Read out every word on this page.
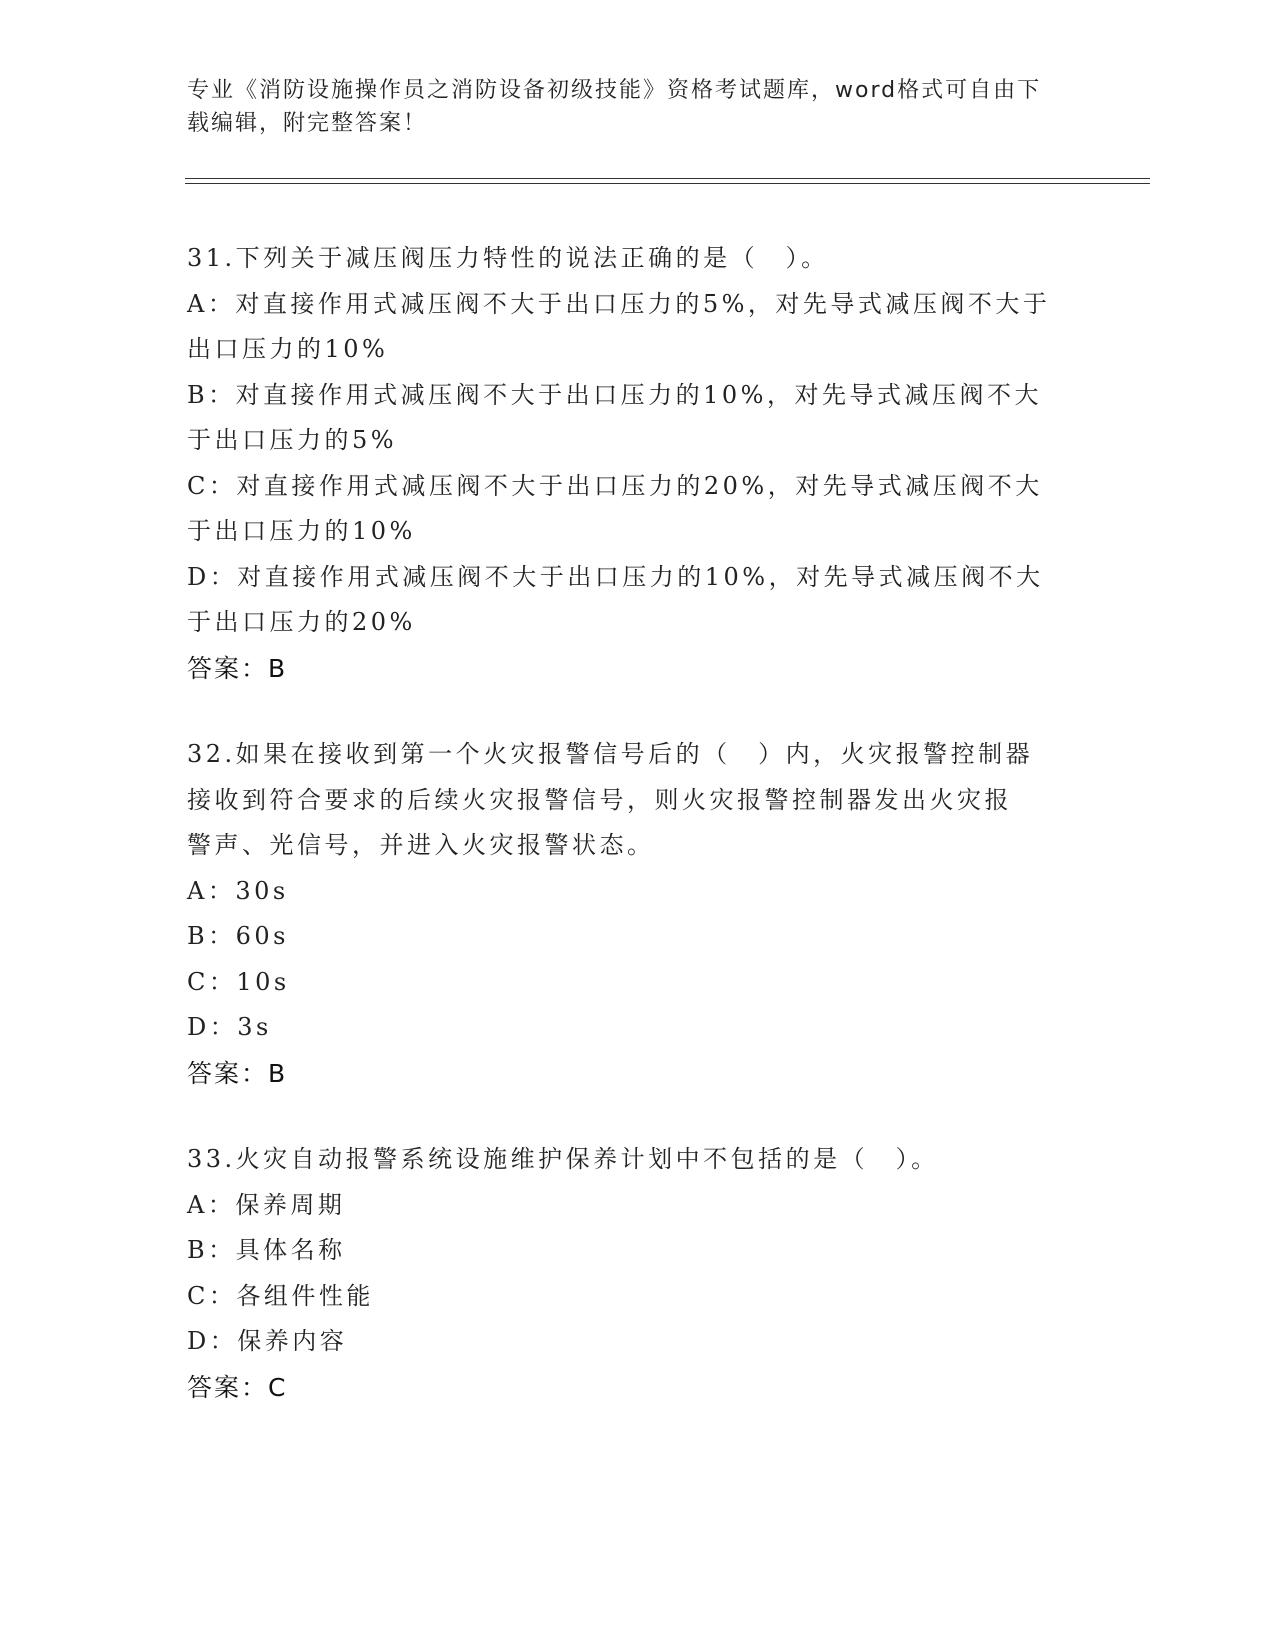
专业《消防设施操作员之消防设备初级技能》资格考试题库，word格式可自由下
载编辑，附完整答案！
31.下列关于减压阀压力特性的说法正确的是（　）。
A：对直接作用式减压阀不大于出口压力的5%，对先导式减压阀不大于
出口压力的10%
B：对直接作用式减压阀不大于出口压力的10%，对先导式减压阀不大
于出口压力的5%
C：对直接作用式减压阀不大于出口压力的20%，对先导式减压阀不大
于出口压力的10%
D：对直接作用式减压阀不大于出口压力的10%，对先导式减压阀不大
于出口压力的20%
答案：B
32.如果在接收到第一个火灾报警信号后的（　）内，火灾报警控制器
接收到符合要求的后续火灾报警信号，则火灾报警控制器发出火灾报
警声、光信号，并进入火灾报警状态。
A：30s
B：60s
C：10s
D：3s
答案：B
33.火灾自动报警系统设施维护保养计划中不包括的是（　）。
A：保养周期
B：具体名称
C：各组件性能
D：保养内容
答案：C
